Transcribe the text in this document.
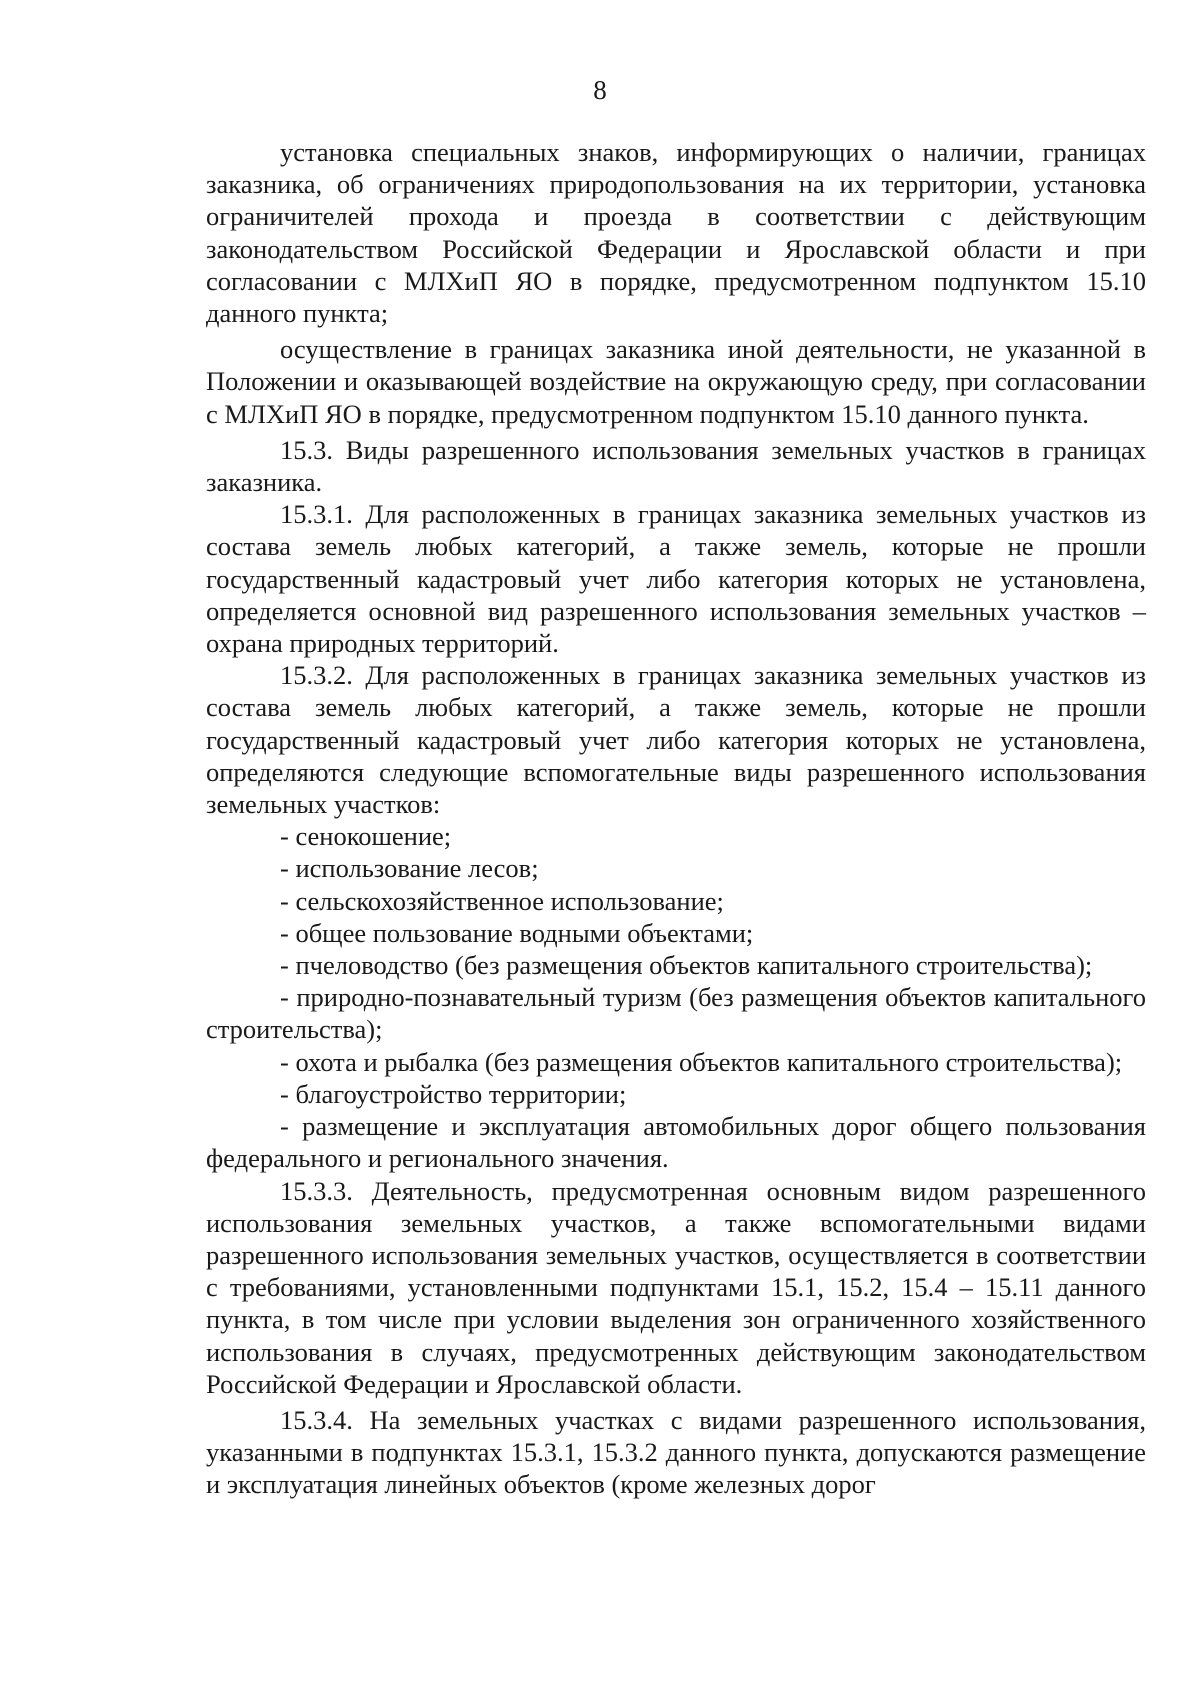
8

установка специальных знаков, информирующих о наличии, границах заказника, об ограничениях природопользования на их территории, установка ограничителей прохода и проезда в соответствии с действующим законодательством Российской Федерации и Ярославской области и при согласовании с МЛХиП ЯО в порядке, предусмотренном подпунктом 15.10 данного пункта;

осуществление в границах заказника иной деятельности, не указанной в Положении и оказывающей воздействие на окружающую среду, при согласовании с МЛХиП ЯО в порядке, предусмотренном подпунктом 15.10 данного пункта.

15.3. Виды разрешенного использования земельных участков в границах заказника.

15.3.1. Для расположенных в границах заказника земельных участков из состава земель любых категорий, а также земель, которые не прошли государственный кадастровый учет либо категория которых не установлена, определяется основной вид разрешенного использования земельных участков – охрана природных территорий.

15.3.2. Для расположенных в границах заказника земельных участков из состава земель любых категорий, а также земель, которые не прошли государственный кадастровый учет либо категория которых не установлена, определяются следующие вспомогательные виды разрешенного использования земельных участков:

- сенокошение;

- использование лесов;

- сельскохозяйственное использование;

- общее пользование водными объектами;

- пчеловодство (без размещения объектов капитального строительства);

- природно-познавательный туризм (без размещения объектов капитального строительства);

- охота и рыбалка (без размещения объектов капитального строительства);

- благоустройство территории;

- размещение и эксплуатация автомобильных дорог общего пользования федерального и регионального значения.

15.3.3. Деятельность, предусмотренная основным видом разрешенного использования земельных участков, а также вспомогательными видами разрешенного использования земельных участков, осуществляется в соответствии с требованиями, установленными подпунктами 15.1, 15.2, 15.4 – 15.11 данного пункта, в том числе при условии выделения зон ограниченного хозяйственного использования в случаях, предусмотренных действующим законодательством Российской Федерации и Ярославской области.

15.3.4. На земельных участках с видами разрешенного использования, указанными в подпунктах 15.3.1, 15.3.2 данного пункта, допускаются размещение и эксплуатация линейных объектов (кроме железных дорог
